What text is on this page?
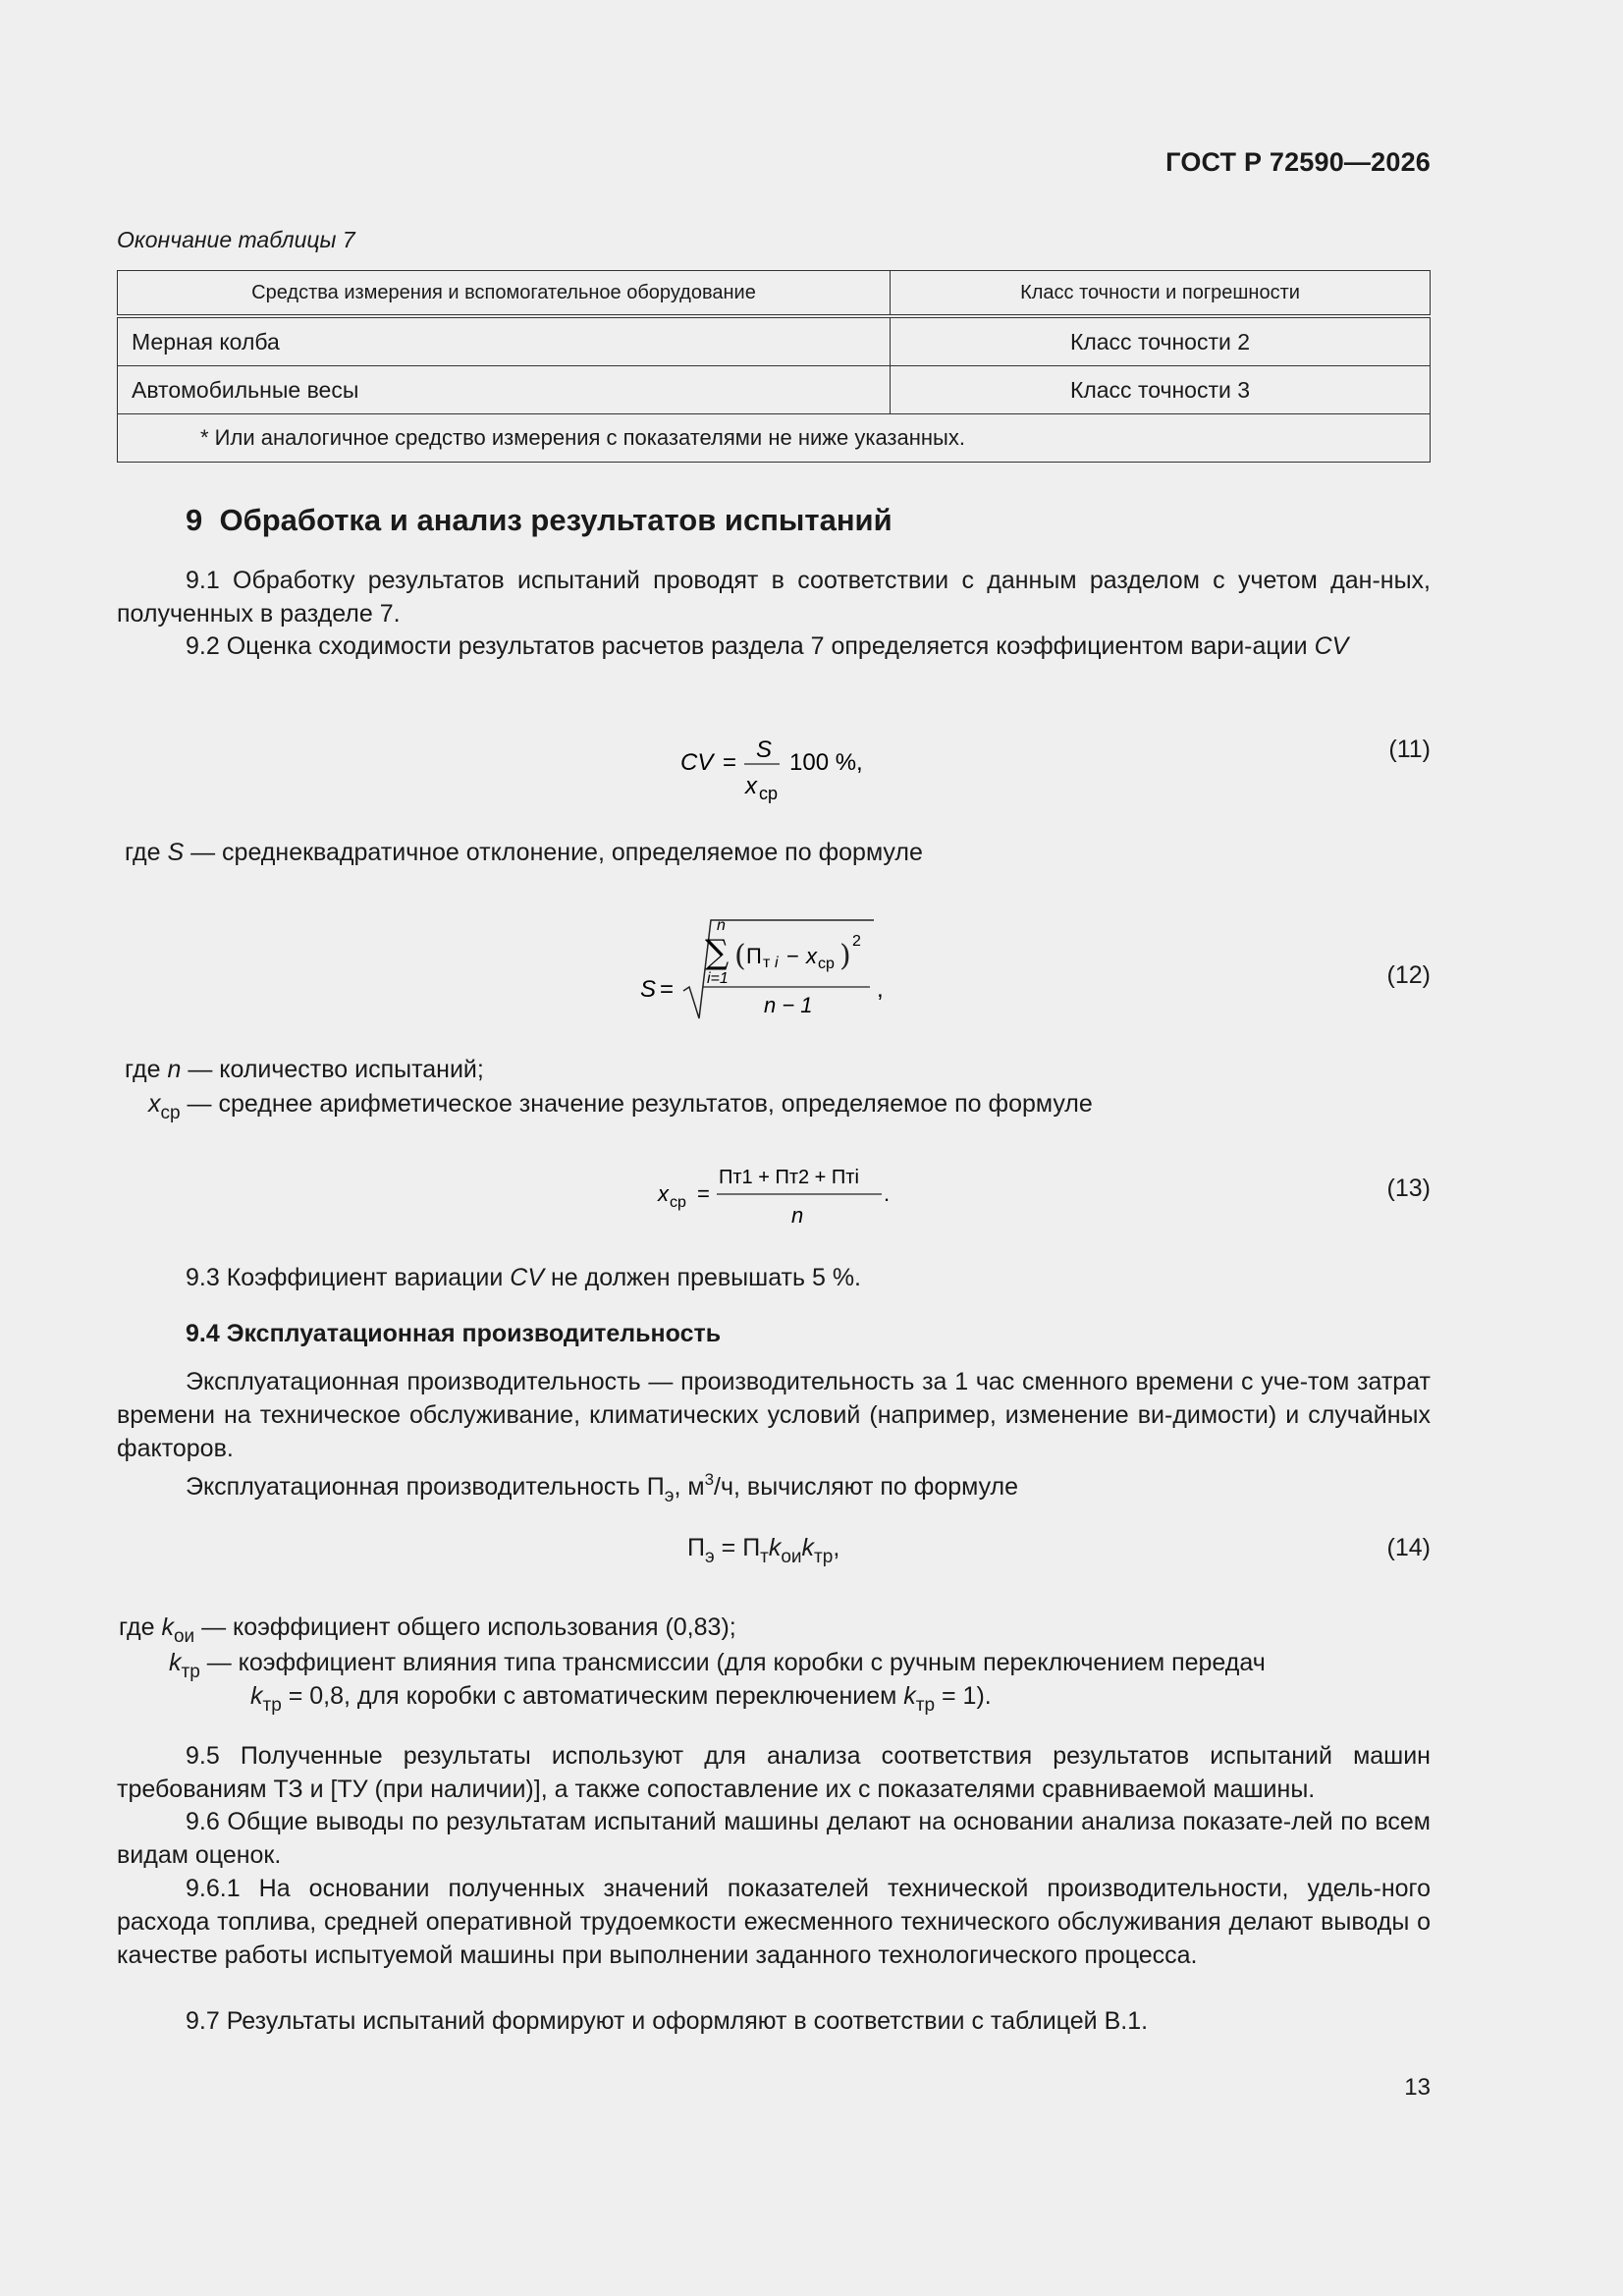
ГОСТ Р 72590—2026
Окончание таблицы 7
Средства измерения и вспомогательное оборудование	Класс точности и погрешности
Мерная колба	Класс точности 2
Автомобильные весы	Класс точности 3
* Или аналогичное средство измерения с показателями не ниже указанных.	
9 Обработка и анализ результатов испытаний
9.1 Обработку результатов испытаний проводят в соответствии с данным разделом с учетом дан-ных, полученных в разделе 7.
9.2 Оценка сходимости результатов расчетов раздела 7 определяется коэффициентом вари-ации CV
CV = S
x ср
100 %,	(11)
где S — среднеквадратичное отклонение, определяемое по формуле
S =
n
∑
i=1
( П т i − x ср ) 2
n − 1
,
(12)
где n — количество испытаний;
$x_{ср}$ — среднее арифметическое значение результатов, определяемое по формуле
x ср =
Пт1 + Пт2 + Птi
n
.	(13)
9.3 Коэффициент вариации CV не должен превышать 5 %.
9.4 Эксплуатационная производительность
Эксплуатационная производительность — производительность за 1 час сменного времени с уче-том затрат времени на техническое обслуживание, климатических условий (например, изменение ви-димости) и случайных факторов.
Эксплуатационная производительность $П_э$, $м^3/ч$, вычисляют по формуле
$П_э = П_тk_{ои}k_{тр}$,	(14)
где $k_{ои}$ — коэффициент общего использования (0,83);
$k_{тр}$ — коэффициент влияния типа трансмиссии (для коробки с ручным переключением передач
$k_{тр} = 0,8$, для коробки с автоматическим переключением $k_{тр} = 1$).
9.5 Полученные результаты используют для анализа соответствия результатов испытаний машин требованиям ТЗ и [ТУ (при наличии)], а также сопоставление их с показателями сравниваемой машины.
9.6 Общие выводы по результатам испытаний машины делают на основании анализа показате-лей по всем видам оценок.
9.6.1 На основании полученных значений показателей технической производительности, удель-ного расхода топлива, средней оперативной трудоемкости ежесменного технического обслуживания делают выводы о качестве работы испытуемой машины при выполнении заданного технологического процесса.
9.7 Результаты испытаний формируют и оформляют в соответствии с таблицей В.1.
13
